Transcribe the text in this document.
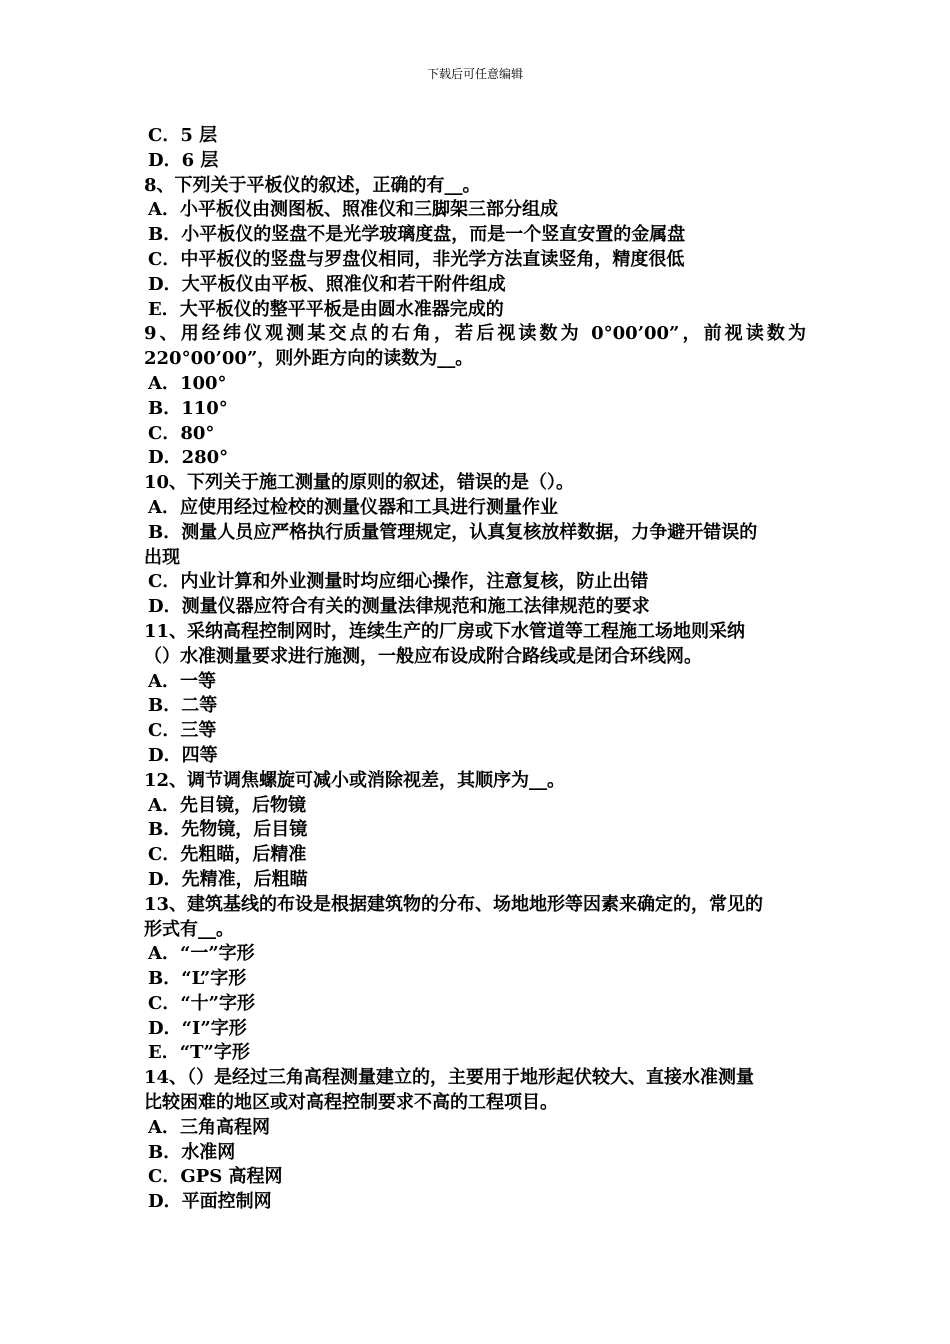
下载后可任意编辑
C．5 层
D．6 层
8、下列关于平板仪的叙述，正确的有__。
A．小平板仪由测图板、照准仪和三脚架三部分组成
B．小平板仪的竖盘不是光学玻璃度盘，而是一个竖直安置的金属盘
C．中平板仪的竖盘与罗盘仪相同，非光学方法直读竖角，精度很低
D．大平板仪由平板、照准仪和若干附件组成
E．大平板仪的整平平板是由圆水准器完成的
9、用经纬仪观测某交点的右角，若后视读数为 0°00’00”，前视读数为
220°00’00”，则外距方向的读数为__。
A．100°
B．110°
C．80°
D．280°
10、下列关于施工测量的原则的叙述，错误的是（）。
A．应使用经过检校的测量仪器和工具进行测量作业
B．测量人员应严格执行质量管理规定，认真复核放样数据，力争避开错误的
出现
C．内业计算和外业测量时均应细心操作，注意复核，防止出错
D．测量仪器应符合有关的测量法律规范和施工法律规范的要求
11、采纳高程控制网时，连续生产的厂房或下水管道等工程施工场地则采纳
（）水准测量要求进行施测，一般应布设成附合路线或是闭合环线网。
A．一等
B．二等
C．三等
D．四等
12、调节调焦螺旋可减小或消除视差，其顺序为__。
A．先目镜，后物镜
B．先物镜，后目镜
C．先粗瞄，后精准
D．先精准，后粗瞄
13、建筑基线的布设是根据建筑物的分布、场地地形等因素来确定的，常见的
形式有__。
A．“一”字形
B．“L”字形
C．“十”字形
D．“I”字形
E．“T”字形
14、（）是经过三角高程测量建立的，主要用于地形起伏较大、直接水准测量
比较困难的地区或对高程控制要求不高的工程项目。
A．三角高程网
B．水准网
C．GPS 高程网
D．平面控制网
